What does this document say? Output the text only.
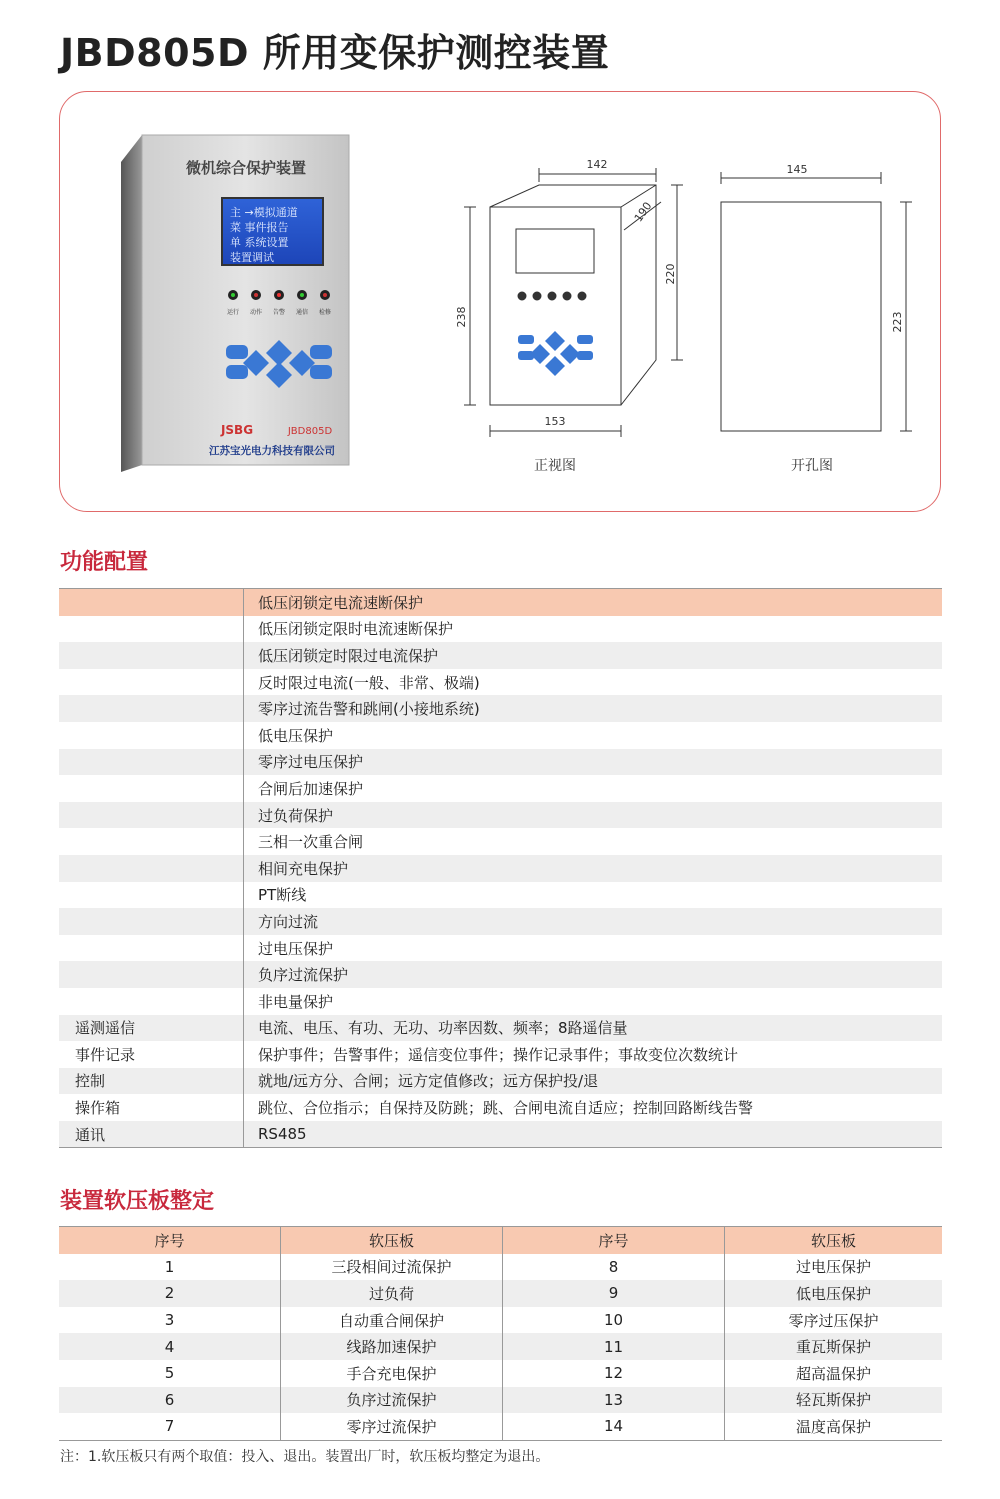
JBD805D 所用变保护测控装置
微机综合保护装置
主 →模拟通道
菜 事件报告
单 系统设置
装置调试
运行 动作 告警 通信 检修
JSBG	JBD805D
江苏宝光电力科技有限公司
142
238
220
190
153
正视图
145
223
开孔图
功能配置
	低压闭锁定电流速断保护
	低压闭锁定限时电流速断保护
	低压闭锁定时限过电流保护
	反时限过电流(一般、非常、极端)
	零序过流告警和跳闸(小接地系统)
	低电压保护
	零序过电压保护
	合闸后加速保护
	过负荷保护
	三相一次重合闸
	相间充电保护
	PT断线
	方向过流
	过电压保护
	负序过流保护
	非电量保护
遥测遥信	电流、电压、有功、无功、功率因数、频率；8路遥信量
事件记录	保护事件；告警事件；遥信变位事件；操作记录事件；事故变位次数统计
控制	就地/远方分、合闸；远方定值修改；远方保护投/退
操作箱	跳位、合位指示；自保持及防跳；跳、合闸电流自适应；控制回路断线告警
通讯	RS485
装置软压板整定
序号	软压板	序号	软压板
1	三段相间过流保护	8	过电压保护
2	过负荷	9	低电压保护
3	自动重合闸保护	10	零序过压保护
4	线路加速保护	11	重瓦斯保护
5	手合充电保护	12	超高温保护
6	负序过流保护	13	轻瓦斯保护
7	零序过流保护	14	温度高保护
注：1.软压板只有两个取值：投入、退出。装置出厂时，软压板均整定为退出。
